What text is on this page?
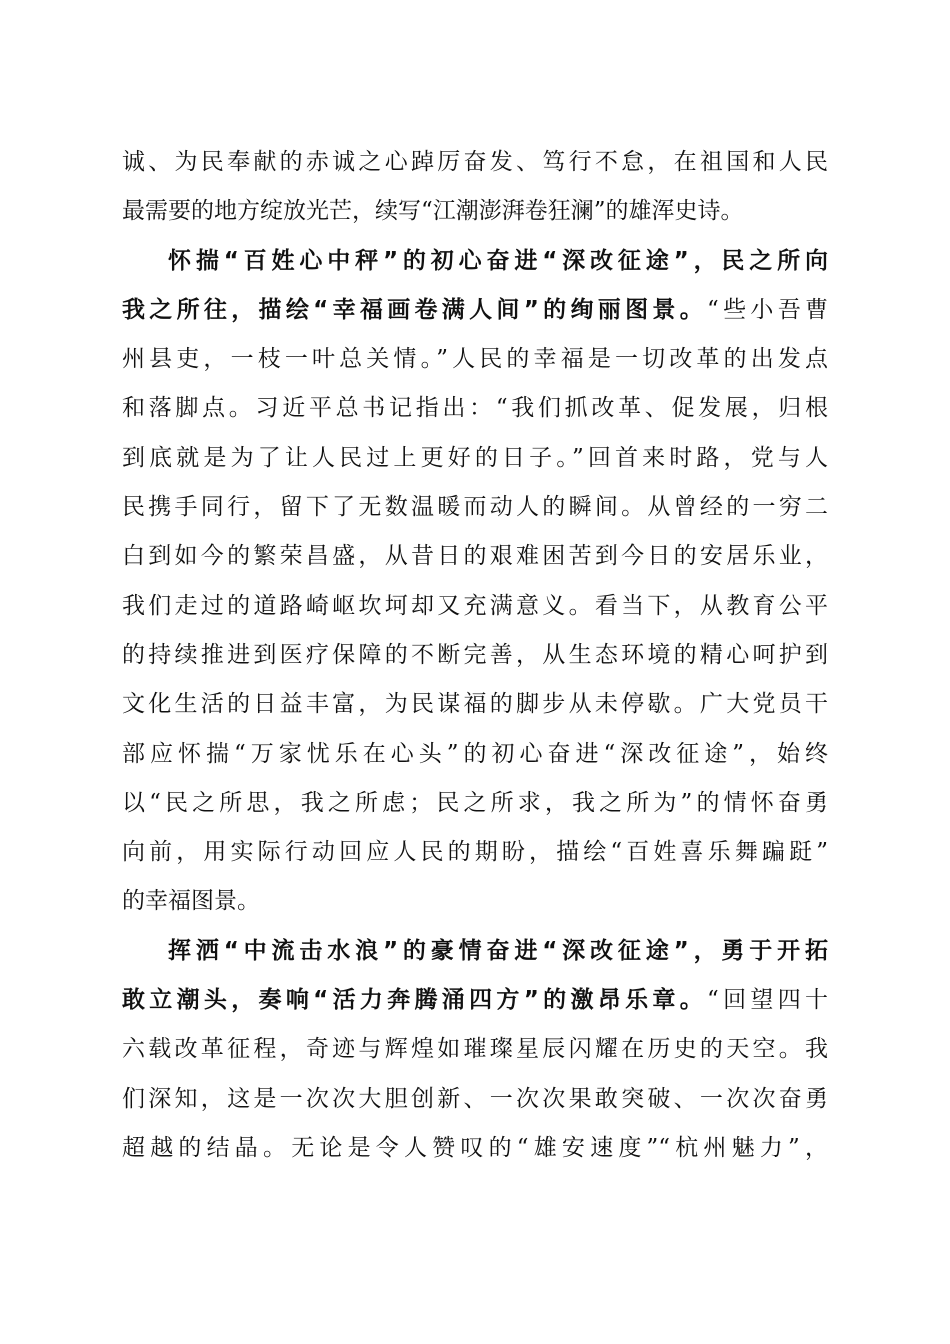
诚、为民奉献的赤诚之心踔厉奋发、笃行不怠，在祖国和人民
最需要的地方绽放光芒，续写“江潮澎湃卷狂澜”的雄浑史诗。
怀揣“百姓心中秤”的初心奋进“深改征途”，民之所向
我之所往，描绘“幸福画卷满人间”的绚丽图景。“些小吾曹
州县吏，一枝一叶总关情。”人民的幸福是一切改革的出发点
和落脚点。习近平总书记指出：“我们抓改革、促发展，归根
到底就是为了让人民过上更好的日子。”回首来时路，党与人
民携手同行，留下了无数温暖而动人的瞬间。从曾经的一穷二
白到如今的繁荣昌盛，从昔日的艰难困苦到今日的安居乐业，
我们走过的道路崎岖坎坷却又充满意义。看当下，从教育公平
的持续推进到医疗保障的不断完善，从生态环境的精心呵护到
文化生活的日益丰富，为民谋福的脚步从未停歇。广大党员干
部应怀揣“万家忧乐在心头”的初心奋进“深改征途”，始终
以“民之所思，我之所虑；民之所求，我之所为”的情怀奋勇
向前，用实际行动回应人民的期盼，描绘“百姓喜乐舞蹁跹”
的幸福图景。
挥洒“中流击水浪”的豪情奋进“深改征途”，勇于开拓
敢立潮头，奏响“活力奔腾涌四方”的激昂乐章。“回望四十
六载改革征程，奇迹与辉煌如璀璨星辰闪耀在历史的天空。我
们深知，这是一次次大胆创新、一次次果敢突破、一次次奋勇
超越的结晶。无论是令人赞叹的“雄安速度”“杭州魅力”，
